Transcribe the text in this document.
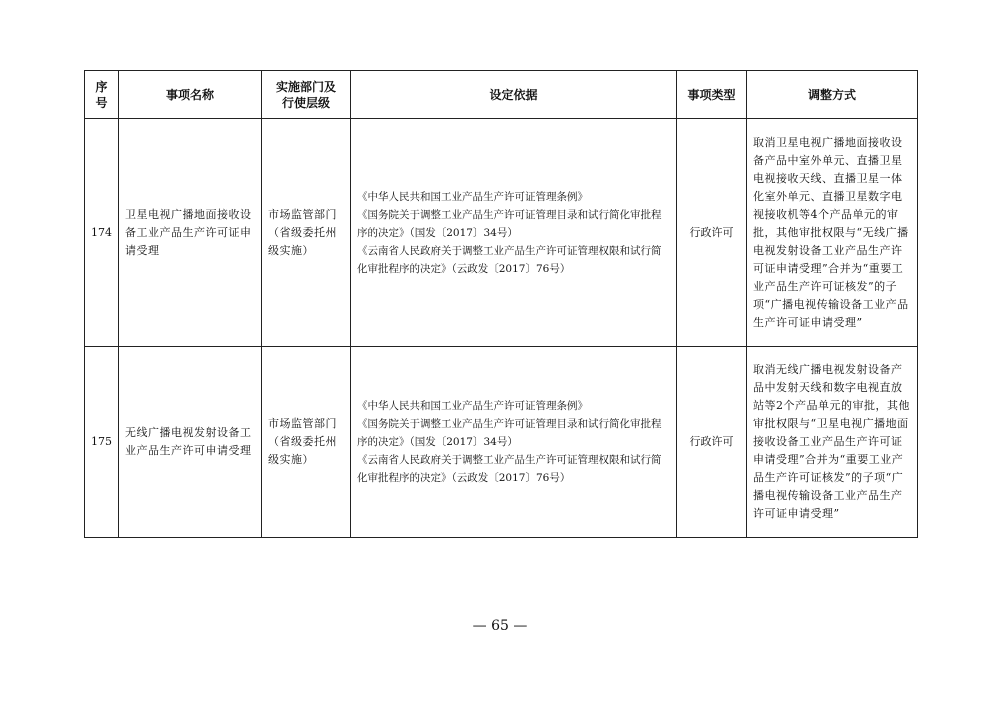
序号	事项名称	实施部门及行使层级	设定依据	事项类型	调整方式
174	卫星电视广播地面接收设备工业产品生产许可证申请受理	市场监管部门（省级委托州级实施）	《中华人民共和国工业产品生产许可证管理条例》
《国务院关于调整工业产品生产许可证管理目录和试行简化审批程序的决定》（国发〔2017〕34号）
《云南省人民政府关于调整工业产品生产许可证管理权限和试行简化审批程序的决定》（云政发〔2017〕76号）	行政许可	取消卫星电视广播地面接收设备产品中室外单元、直播卫星电视接收天线、直播卫星一体化室外单元、直播卫星数字电视接收机等4个产品单元的审批，其他审批权限与“无线广播电视发射设备工业产品生产许可证申请受理”合并为“重要工业产品生产许可证核发”的子项“广播电视传输设备工业产品生产许可证申请受理”
175	无线广播电视发射设备工业产品生产许可申请受理	市场监管部门（省级委托州级实施）	《中华人民共和国工业产品生产许可证管理条例》
《国务院关于调整工业产品生产许可证管理目录和试行简化审批程序的决定》（国发〔2017〕34号）
《云南省人民政府关于调整工业产品生产许可证管理权限和试行简化审批程序的决定》（云政发〔2017〕76号）	行政许可	取消无线广播电视发射设备产品中发射天线和数字电视直放站等2个产品单元的审批，其他审批权限与“卫星电视广播地面接收设备工业产品生产许可证申请受理”合并为“重要工业产品生产许可证核发”的子项“广播电视传输设备工业产品生产许可证申请受理”
— 65 —
